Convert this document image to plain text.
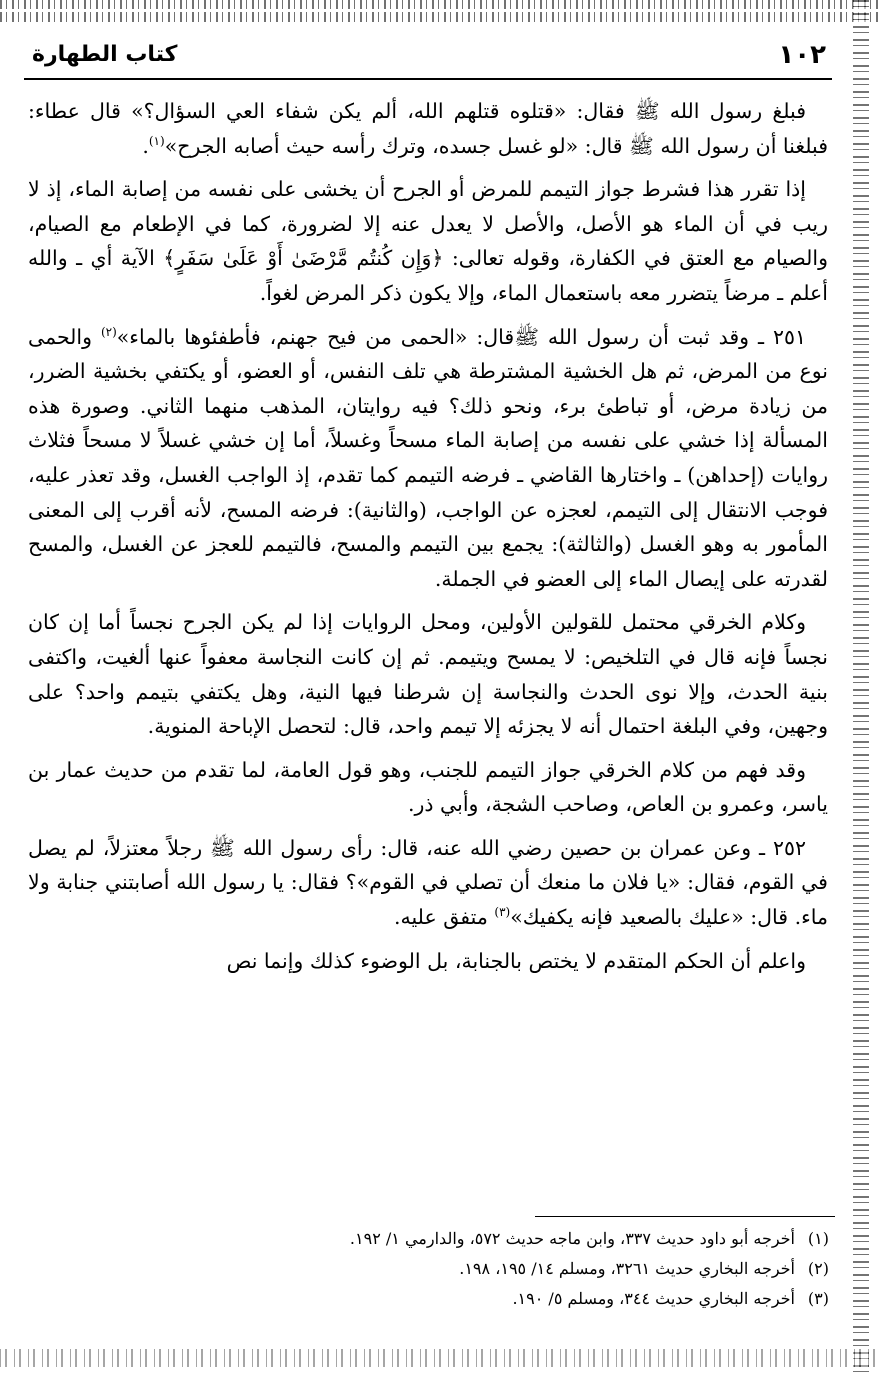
١٠٢
كتاب الطهارة

فبلغ رسول الله ﷺ فقال: «قتلوه قتلهم الله، ألم يكن شفاء العي السؤال؟» قال عطاء: فبلغنا أن رسول الله ﷺ قال: «لو غسل جسده، وترك رأسه حيث أصابه الجرح»$^{(١)}$.

إذا تقرر هذا فشرط جواز التيمم للمرض أو الجرح أن يخشى على نفسه من إصابة الماء، إذ لا ريب في أن الماء هو الأصل، والأصل لا يعدل عنه إلا لضرورة، كما في الإطعام مع الصيام، والصيام مع العتق في الكفارة، وقوله تعالى: ﴿وَإِن كُنتُم مَّرْضَىٰ أَوْ عَلَىٰ سَفَرٍ﴾ الآية أي ـ والله أعلم ـ مرضاً يتضرر معه باستعمال الماء، وإلا يكون ذكر المرض لغواً.

٢٥١ ـ وقد ثبت أن رسول الله ﷺقال: «الحمى من فيح جهنم، فأطفئوها بالماء»$^{(٢)}$ والحمى نوع من المرض، ثم هل الخشية المشترطة هي تلف النفس، أو العضو، أو يكتفي بخشية الضرر، من زيادة مرض، أو تباطئ برء، ونحو ذلك؟ فيه روايتان، المذهب منهما الثاني. وصورة هذه المسألة إذا خشي على نفسه من إصابة الماء مسحاً وغسلاً، أما إن خشي غسلاً لا مسحاً فثلاث روايات (إحداهن) ـ واختارها القاضي ـ فرضه التيمم كما تقدم، إذ الواجب الغسل، وقد تعذر عليه، فوجب الانتقال إلى التيمم، لعجزه عن الواجب، (والثانية): فرضه المسح، لأنه أقرب إلى المعنى المأمور به وهو الغسل (والثالثة): يجمع بين التيمم والمسح، فالتيمم للعجز عن الغسل، والمسح لقدرته على إيصال الماء إلى العضو في الجملة.

وكلام الخرقي محتمل للقولين الأولين، ومحل الروايات إذا لم يكن الجرح نجساً أما إن كان نجساً فإنه قال في التلخيص: لا يمسح ويتيمم. ثم إن كانت النجاسة معفواً عنها ألغيت، واكتفى بنية الحدث، وإلا نوى الحدث والنجاسة إن شرطنا فيها النية، وهل يكتفي بتيمم واحد؟ على وجهين، وفي البلغة احتمال أنه لا يجزئه إلا تيمم واحد، قال: لتحصل الإباحة المنوية.

وقد فهم من كلام الخرقي جواز التيمم للجنب، وهو قول العامة، لما تقدم من حديث عمار بن ياسر، وعمرو بن العاص، وصاحب الشجة، وأبي ذر.

٢٥٢ ـ وعن عمران بن حصين رضي الله عنه، قال: رأى رسول الله ﷺ رجلاً معتزلاً، لم يصل في القوم، فقال: «يا فلان ما منعك أن تصلي في القوم»؟ فقال: يا رسول الله أصابتني جنابة ولا ماء. قال: «عليك بالصعيد فإنه يكفيك»$^{(٣)}$ متفق عليه.

واعلم أن الحكم المتقدم لا يختص بالجنابة، بل الوضوء كذلك وإنما نص

(١)أخرجه أبو داود حديث ٣٣٧، وابن ماجه حديث ٥٧٢، والدارمي ١/ ١٩٢.
(٢)أخرجه البخاري حديث ٣٢٦١، ومسلم ١٤/ ١٩٥، ١٩٨.
(٣)أخرجه البخاري حديث ٣٤٤، ومسلم ٥/ ١٩٠.
